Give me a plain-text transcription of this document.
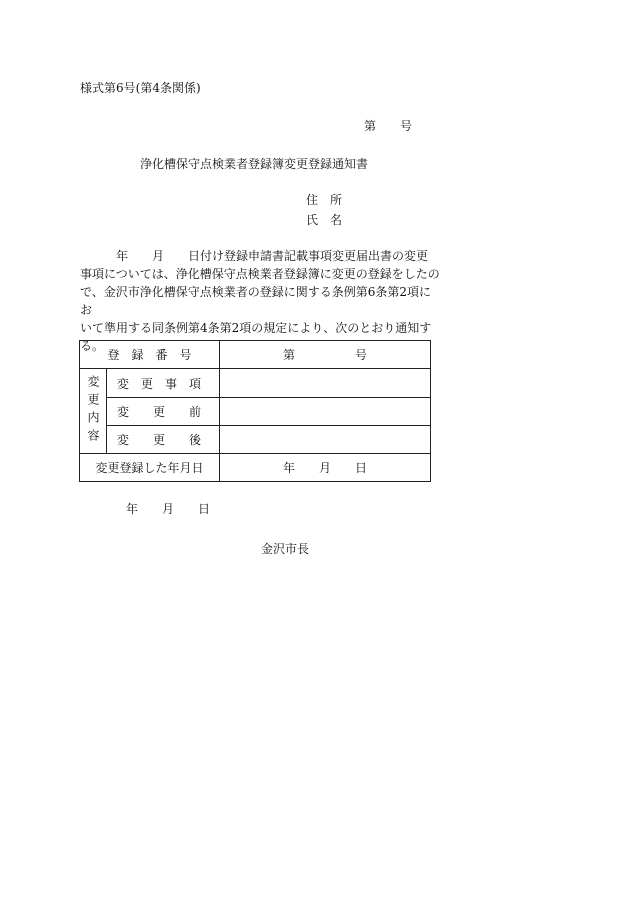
様式第6号(第4条関係)
第　　号
浄化槽保守点検業者登録簿変更登録通知書
住　所
氏　名
　　　年　　月　　日付け登録申請書記載事項変更届出書の変更
事項については、浄化槽保守点検業者登録簿に変更の登録をしたの
で、金沢市浄化槽保守点検業者の登録に関する条例第6条第2項にお
いて準用する同条例第4条第2項の規定により、次のとおり通知す
る。
登　録　番　号		第　　　　　号

変更内容	変　更　事　項	
	変　　更　　前	
	変　　更　　後	
変更登録した年月日		年　　月　　日
年　　月　　日
金沢市長
